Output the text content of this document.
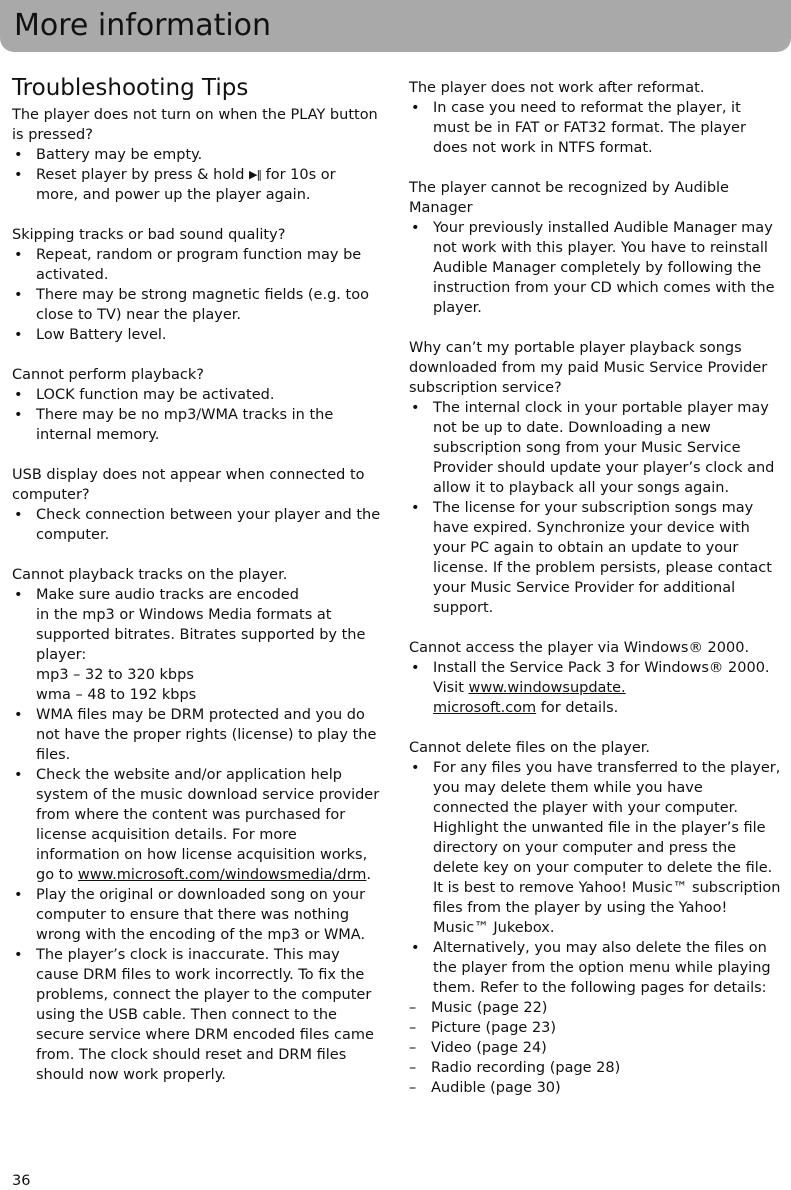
More information
Troubleshooting Tips

The player does not turn on when the PLAY button is pressed?

• Battery may be empty.
• Reset player by press & hold ▶‖ for 10s or more, and power up the player again.

Skipping tracks or bad sound quality?

• Repeat, random or program function may be activated.
• There may be strong magnetic fields (e.g. too close to TV) near the player.
• Low Battery level.

Cannot perform playback?

• LOCK function may be activated.
• There may be no mp3/WMA tracks in the internal memory.

USB display does not appear when connected to computer?

• Check connection between your player and the computer.

Cannot playback tracks on the player.

• Make sure audio tracks are encoded
in the mp3 or Windows Media formats at supported bitrates. Bitrates supported by the player:
mp3 – 32 to 320 kbps
wma – 48 to 192 kbps
• WMA files may be DRM protected and you do not have the proper rights (license) to play the files.
• Check the website and/or application help system of the music download service provider from where the content was purchased for license acquisition details. For more information on how license acquisition works, go to www.microsoft.com/windowsmedia/drm.
• Play the original or downloaded song on your computer to ensure that there was nothing wrong with the encoding of the mp3 or WMA.
• The player’s clock is inaccurate. This may cause DRM files to work incorrectly. To fix the problems, connect the player to the computer using the USB cable. Then connect to the secure service where DRM encoded files came from. The clock should reset and DRM files should now work properly.

The player does not work after reformat.

• In case you need to reformat the player, it must be in FAT or FAT32 format. The player does not work in NTFS format.

The player cannot be recognized by Audible Manager

• Your previously installed Audible Manager may not work with this player. You have to reinstall Audible Manager completely by following the instruction from your CD which comes with the player.

Why can’t my portable player playback songs downloaded from my paid Music Service Provider subscription service?

• The internal clock in your portable player may not be up to date. Downloading a new subscription song from your Music Service Provider should update your player’s clock and allow it to playback all your songs again.
• The license for your subscription songs may have expired. Synchronize your device with your PC again to obtain an update to your license. If the problem persists, please contact your Music Service Provider for additional support.

Cannot access the player via Windows® 2000.

• Install the Service Pack 3 for Windows® 2000. Visit www.windowsupdate.
microsoft.com for details.

Cannot delete files on the player.

• For any files you have transferred to the player, you may delete them while you have connected the player with your computer. Highlight the unwanted file in the player’s file directory on your computer and press the delete key on your computer to delete the file. It is best to remove Yahoo! Music™ subscription files from the player by using the Yahoo! Music™ Jukebox.
• Alternatively, you may also delete the files on the player from the option menu while playing them. Refer to the following pages for details:
– Music (page 22)
– Picture (page 23)
– Video (page 24)
– Radio recording (page 28)
– Audible (page 30)
36
